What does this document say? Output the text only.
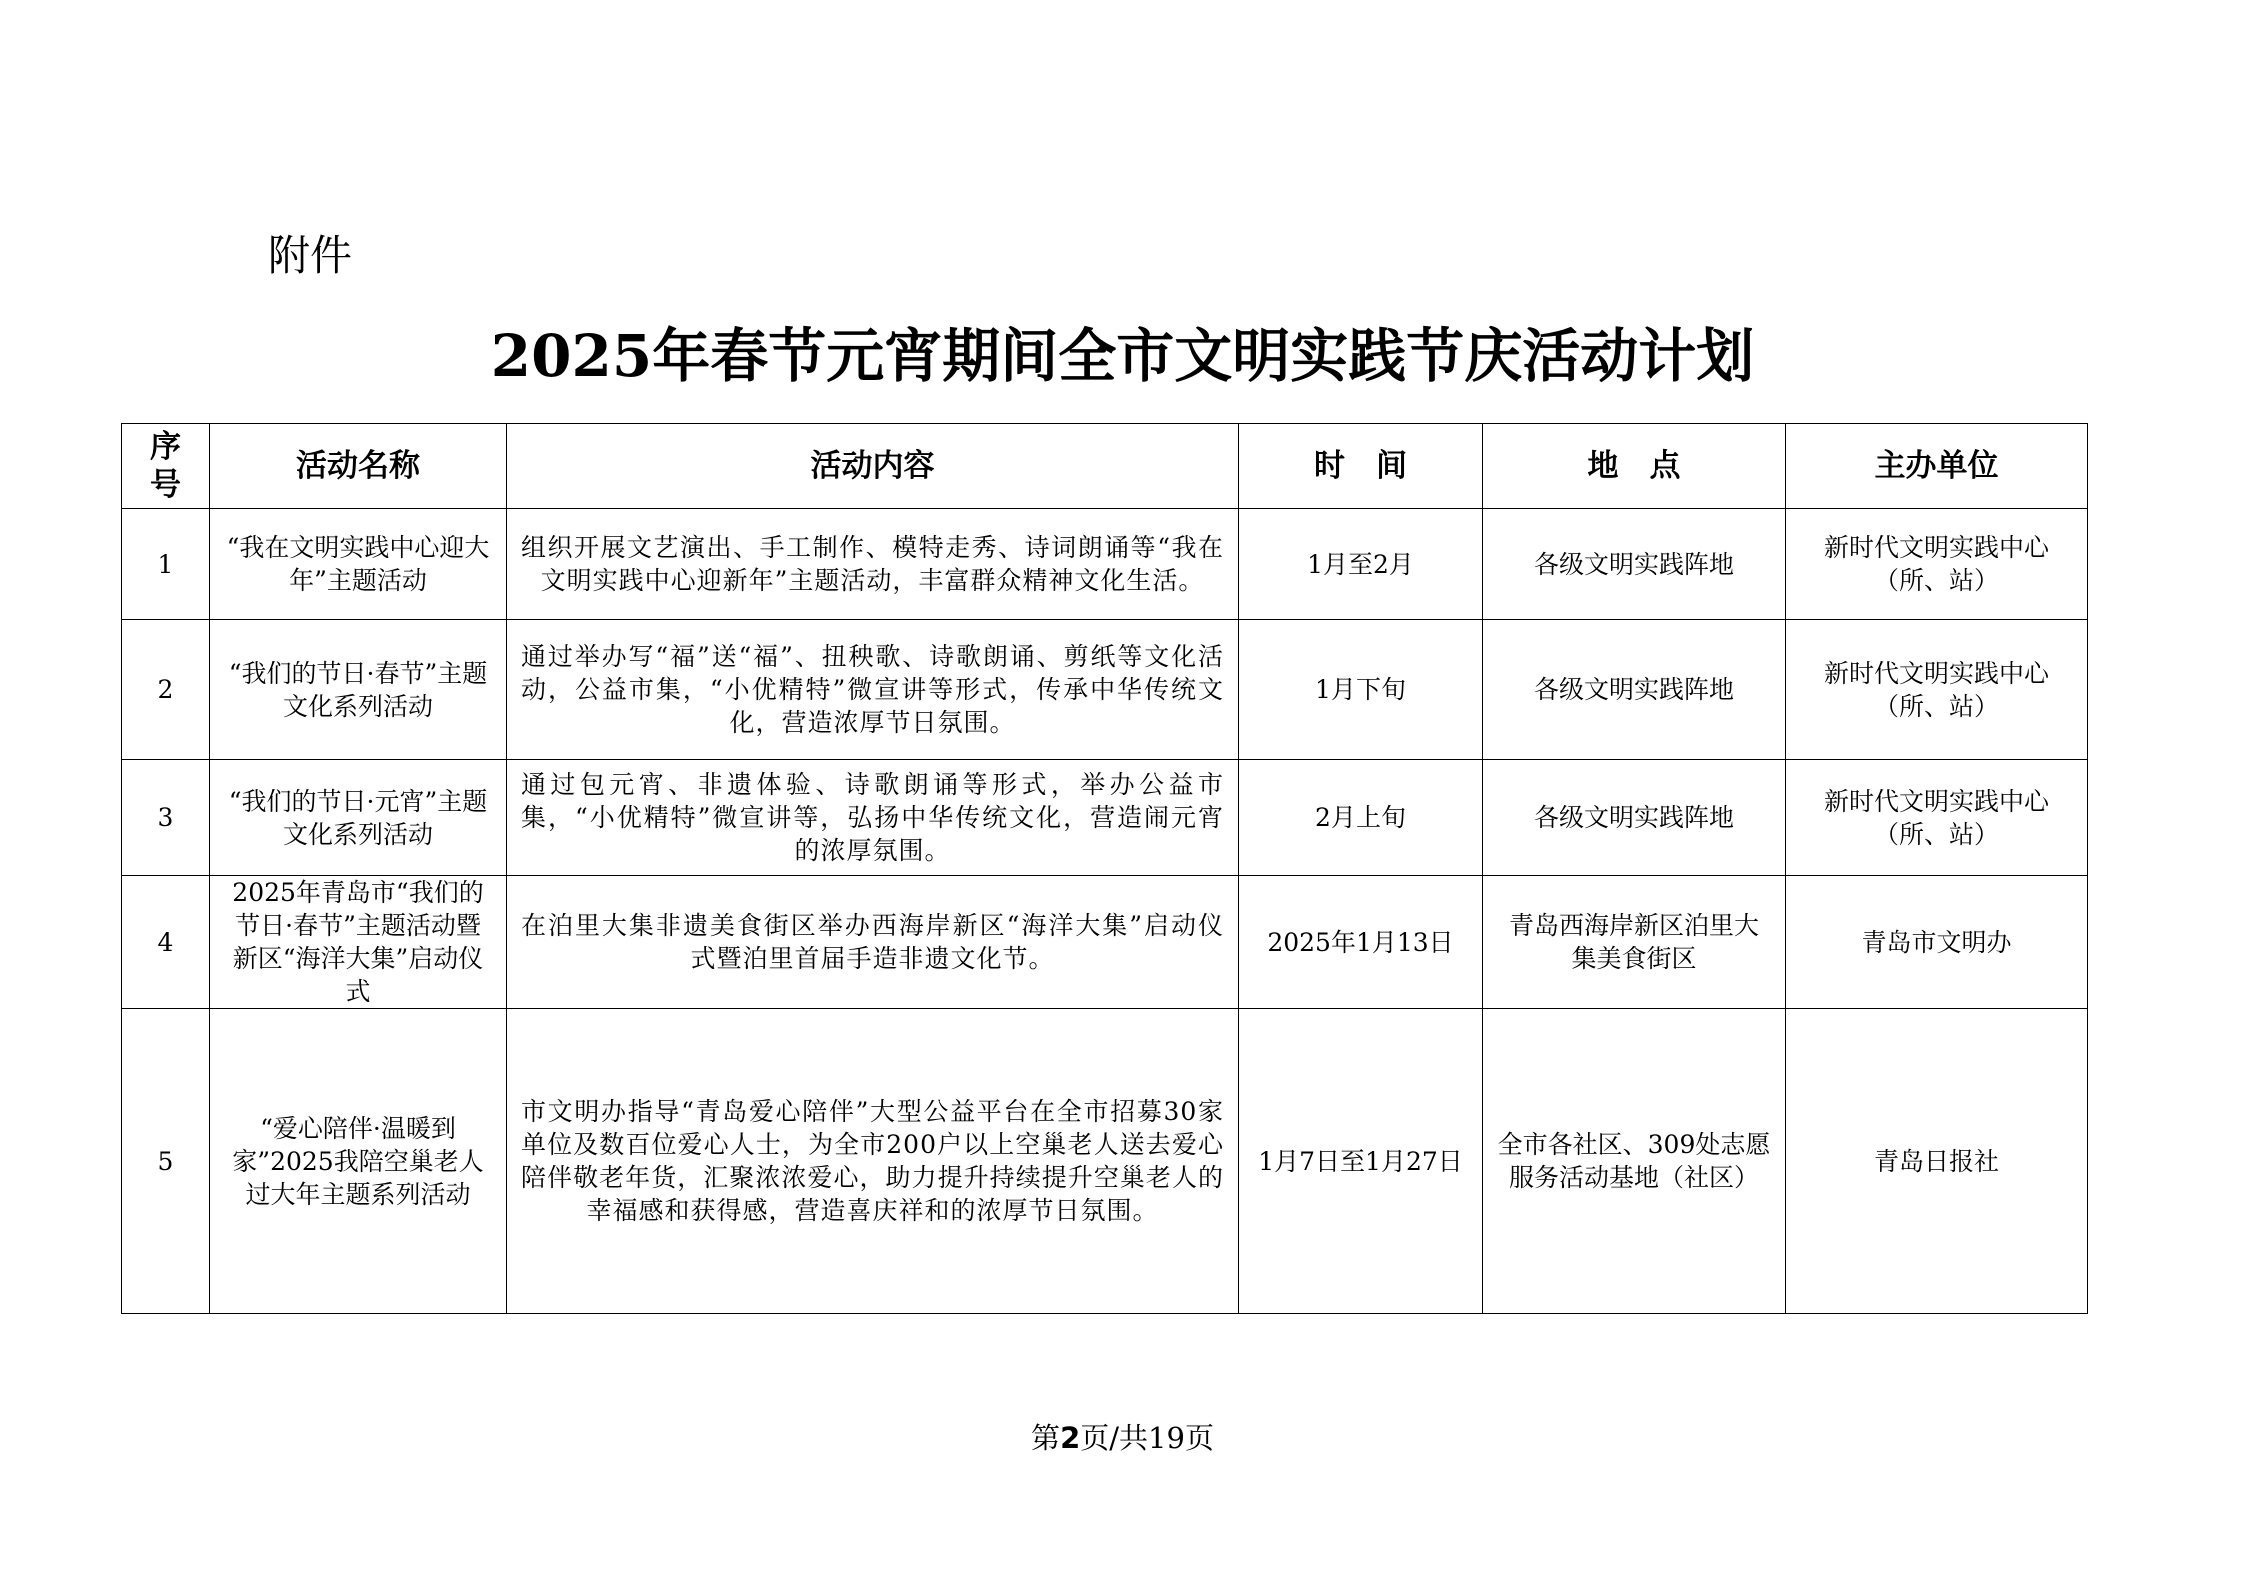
附件
2025年春节元宵期间全市文明实践节庆活动计划
序号	活动名称	活动内容	时　间	地　点	主办单位
1	“我在文明实践中心迎大年”主题活动	组织开展文艺演出、手工制作、模特走秀、诗词朗诵等“我在文明实践中心迎新年”主题活动，丰富群众精神文化生活。	1月至2月	各级文明实践阵地	新时代文明实践中心（所、站）
2	“我们的节日·春节”主题文化系列活动	通过举办写“福”送“福”、扭秧歌、诗歌朗诵、剪纸等文化活动，公益市集，“小优精特”微宣讲等形式，传承中华传统文化，营造浓厚节日氛围。	1月下旬	各级文明实践阵地	新时代文明实践中心（所、站）
3	“我们的节日·元宵”主题文化系列活动	通过包元宵、非遗体验、诗歌朗诵等形式，举办公益市集，“小优精特”微宣讲等，弘扬中华传统文化，营造闹元宵的浓厚氛围。	2月上旬	各级文明实践阵地	新时代文明实践中心（所、站）
4	2025年青岛市“我们的节日·春节”主题活动暨新区“海洋大集”启动仪式	在泊里大集非遗美食街区举办西海岸新区“海洋大集”启动仪式暨泊里首届手造非遗文化节。	2025年1月13日	青岛西海岸新区泊里大集美食街区	青岛市文明办
5	“爱心陪伴·温暖到家”2025我陪空巢老人过大年主题系列活动	市文明办指导“青岛爱心陪伴”大型公益平台在全市招募30家单位及数百位爱心人士，为全市200户以上空巢老人送去爱心陪伴敬老年货，汇聚浓浓爱心，助力提升持续提升空巢老人的幸福感和获得感，营造喜庆祥和的浓厚节日氛围。	1月7日至1月27日	全市各社区、309处志愿服务活动基地（社区）	青岛日报社
第2页/共19页
